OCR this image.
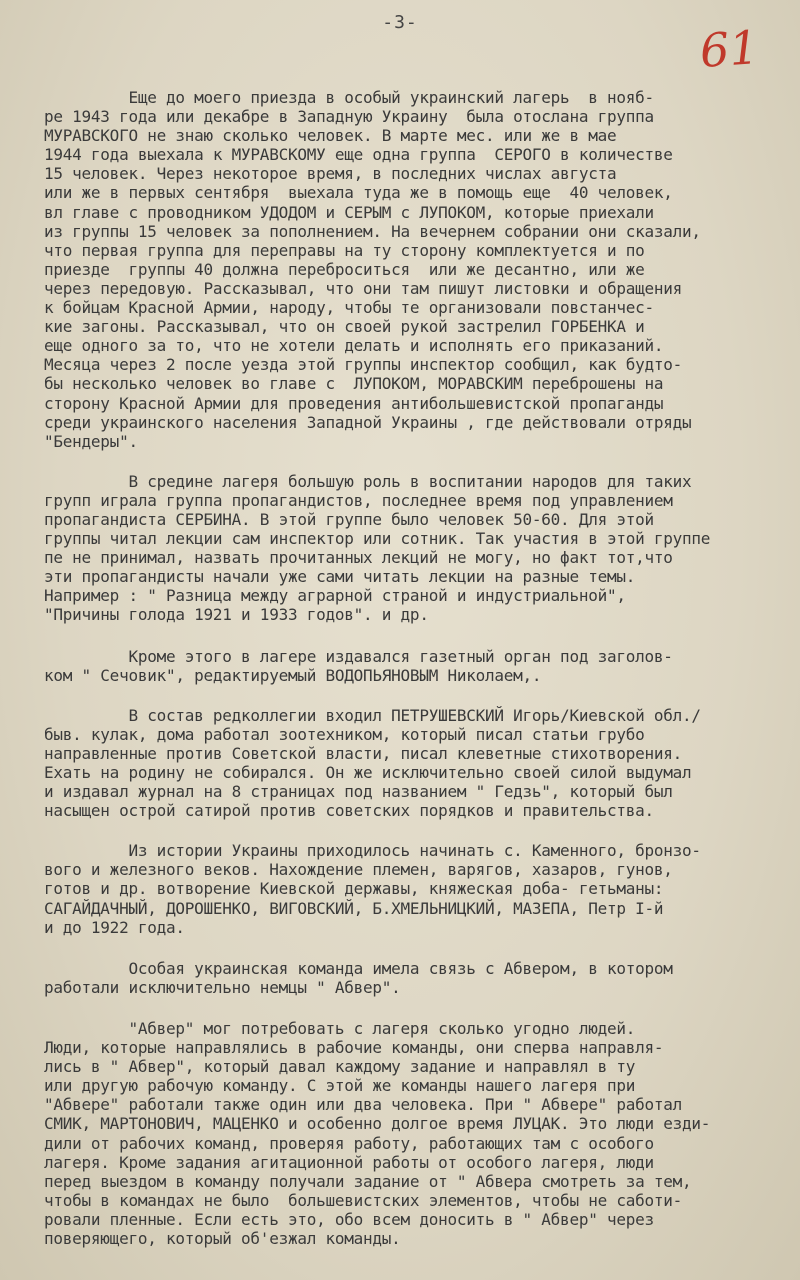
-3-	61
Еще до моего приезда в особый украинский лагерь  в нояб-
ре 1943 года или декабре в Западную Украину  была отослана группа
МУРАВСКОГО не знаю сколько человек. В марте мес. или же в мае
1944 года выехала к МУРАВСКОМУ еще одна группа  СЕРОГО в количестве
15 человек. Через некоторое время, в последних числах августа
или же в первых сентября  выехала туда же в помощь еще  40 человек,
вл главе с проводником УДОДОМ и СЕРЫМ с ЛУПОКОМ, которые приехали
из группы 15 человек за пополнением. На вечернем собрании они сказали,
что первая группа для переправы на ту сторону комплектуется и по
приезде  группы 40 должна переброситься  или же десантно, или же
через передовую. Рассказывал, что они там пишут листовки и обращения
к бойцам Красной Армии, народу, чтобы те организовали повстанчес-
кие загоны. Рассказывал, что он своей рукой застрелил ГОРБЕНКА и
еще одного за то, что не хотели делать и исполнять его приказаний.
Месяца через 2 после уезда этой группы инспектор сообщил, как будто-
бы несколько человек во главе с  ЛУПОКОМ, МОРАВСКИМ переброшены на
сторону Красной Армии для проведения антибольшевистской пропаганды
среди украинского населения Западной Украины , где действовали отряды
"Бендеры".
В средине лагеря большую роль в воспитании народов для таких
групп играла группа пропагандистов, последнее время под управлением
пропагандиста СЕРБИНА. В этой группе было человек 50-60. Для этой
группы читал лекции сам инспектор или сотник. Так участия в этой группе
пе не принимал, назвать прочитанных лекций не могу, но факт тот,что
эти пропагандисты начали уже сами читать лекции на разные темы.
Например : " Разница между аграрной страной и индустриальной",
"Причины голода 1921 и 1933 годов". и др.
Кроме этого в лагере издавался газетный орган под заголов-
ком " Сечовик", редактируемый ВОДОПЬЯНОВЫМ Николаем,.
В состав редколлегии входил ПЕТРУШЕВСКИЙ Игорь/Киевской обл./
быв. кулак, дома работал зоотехником, который писал статьи грубо
направленные против Советской власти, писал клеветные стихотворения.
Ехать на родину не собирался. Он же исключительно своей силой выдумал
и издавал журнал на 8 страницах под названием " Гедзь", который был
насыщен острой сатирой против советских порядков и правительства.
Из истории Украины приходилось начинать с. Каменного, бронзо-
вого и железного веков. Нахождение племен, варягов, хазаров, гунов,
готов и др. вотворение Киевской державы, княжеская доба- гетьманы:
САГАЙДАЧНЫЙ, ДОРОШЕНКО, ВИГОВСКИЙ, Б.ХМЕЛЬНИЦКИЙ, МАЗЕПА, Петр I-й
и до 1922 года.
Особая украинская команда имела связь с Абвером, в котором
работали исключительно немцы " Абвер".
"Абвер" мог потребовать с лагеря сколько угодно людей.
Люди, которые направлялись в рабочие команды, они сперва направля-
лись в " Абвер", который давал каждому задание и направлял в ту
или другую рабочую команду. С этой же команды нашего лагеря при
"Абвере" работали также один или два человека. При " Абвере" работал
СМИК, МАРТОНОВИЧ, МАЦЕНКО и особенно долгое время ЛУЦАК. Это люди езди-
дили от рабочих команд, проверяя работу, работающих там с особого
лагеря. Кроме задания агитационной работы от особого лагеря, люди
перед выездом в команду получали задание от " Абвера смотреть за тем,
чтобы в командах не было  большевистских элементов, чтобы не саботи-
ровали пленные. Если есть это, обо всем доносить в " Абвер" через
поверяющего, который об'езжал команды.
